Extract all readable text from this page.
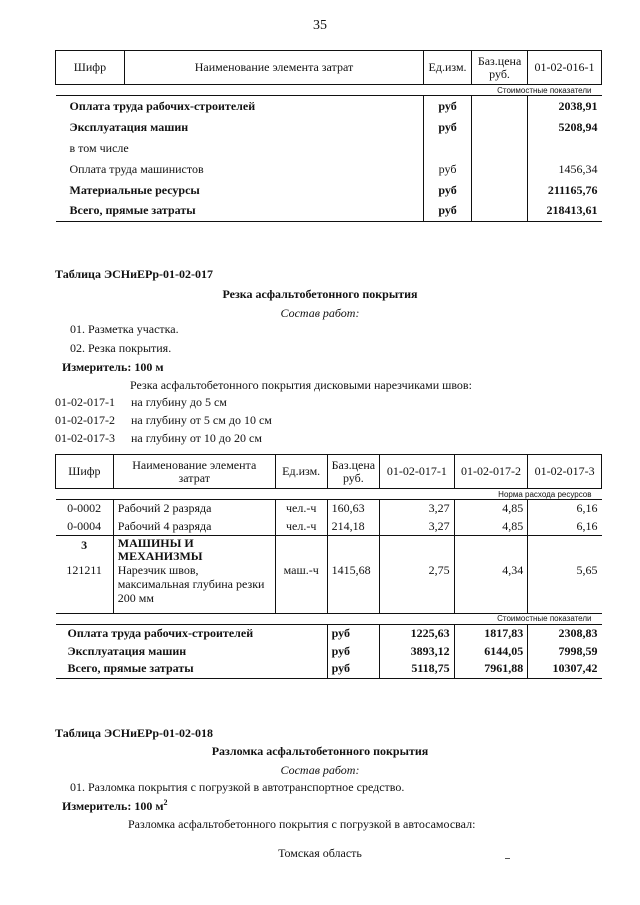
35
Шифр	Наименование элемента затрат	Ед.изм.	Баз.цена руб.	01-02-016-1
Стоимостные показатели				
Оплата труда рабочих-строителей		руб		2038,91
Эксплуатация машин		руб		5208,94
в том числе				
Оплата труда машинистов		руб		1456,34
Материальные ресурсы		руб		211165,76
Всего, прямые затраты		руб		218413,61
Таблица ЭСНиЕРр-01-02-017
Резка асфальтобетонного покрытия
Состав работ:
01. Разметка участка.
02. Резка покрытия.
Измеритель: 100 м
Резка асфальтобетонного покрытия дисковыми нарезчиками швов:
01-02-017-1 на глубину до 5 см
01-02-017-2 на глубину от 5 см до 10 см
01-02-017-3 на глубину от 10 до 20 см
Шифр	Наименование элемента затрат	Ед.изм.	Баз.цена руб.	01-02-017-1	01-02-017-2	01-02-017-3
Норма расхода ресурсов						
0-0002	Рабочий 2 разряда	чел.-ч	160,63	3,27	4,85	6,16
0-0004	Рабочий 4 разряда	чел.-ч	214,18	3,27	4,85	6,16
3	МАШИНЫ И МЕХАНИЗМЫ					
121211	Нарезчик швов, максимальная глубина резки 200 мм	маш.-ч	1415,68	2,75	4,34	5,65
Стоимостные показатели						
Оплата труда рабочих-строителей			руб	1225,63	1817,83	2308,83
Эксплуатация машин			руб	3893,12	6144,05	7998,59
Всего, прямые затраты			руб	5118,75	7961,88	10307,42
Таблица ЭСНиЕРр-01-02-018
Разломка асфальтобетонного покрытия
Состав работ:
01. Разломка покрытия с погрузкой в автотранспортное средство.
Измеритель: 100 $м^2$
Разломка асфальтобетонного покрытия с погрузкой в автосамосвал:
Томская область
